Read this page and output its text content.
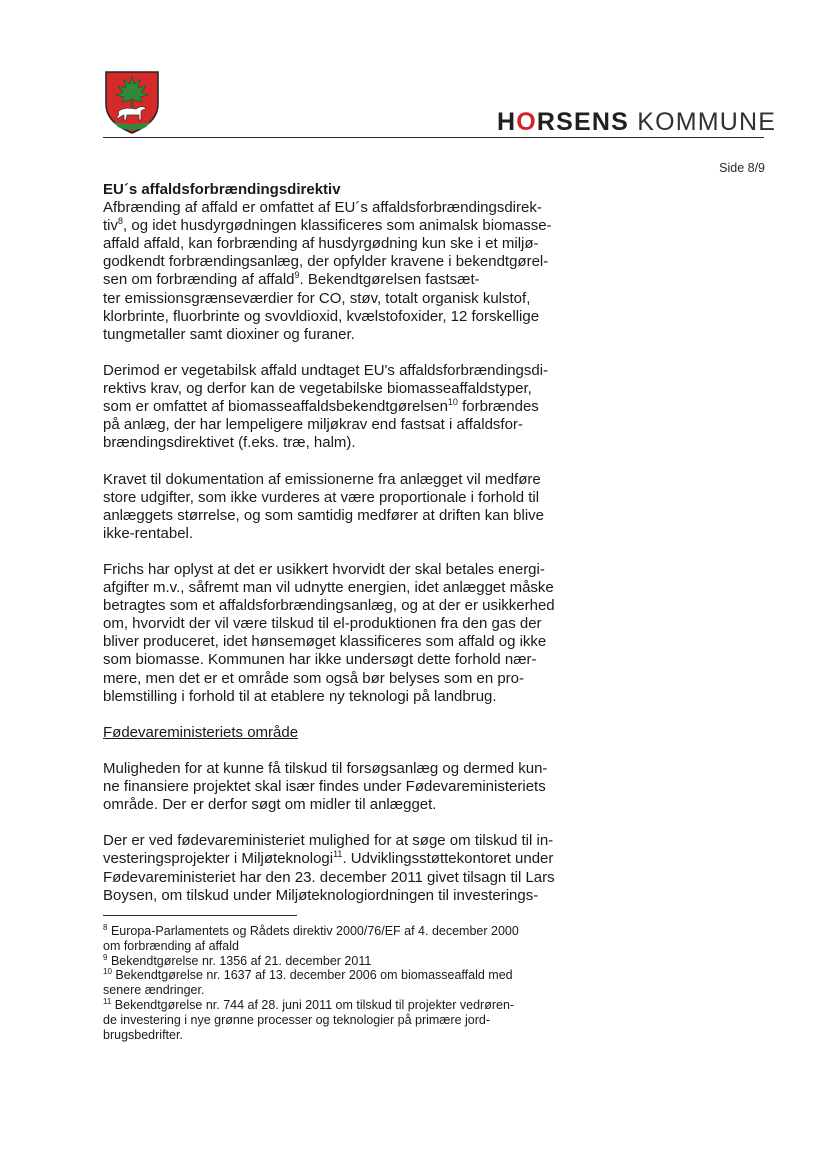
HORSENS KOMMUNE
Side 8/9
EU´s affaldsforbrændingsdirektiv
Afbrænding af affald er omfattet af EU´s affaldsforbrændingsdirek-
tiv$^8$, og idet husdyrgødningen klassificeres som animalsk biomasse-
affald affald, kan forbrænding af husdyrgødning kun ske i et miljø-
godkendt forbrændingsanlæg, der opfylder kravene i bekendtgørel-
sen om forbrænding af affald$^9$. Bekendtgørelsen fastsæt-
ter emissionsgrænseværdier for CO, støv, totalt organisk kulstof,
klorbrinte, fluorbrinte og svovldioxid, kvælstofoxider, 12 forskellige
tungmetaller samt dioxiner og furaner.
Derimod er vegetabilsk affald undtaget EU's affaldsforbrændingsdi-
rektivs krav, og derfor kan de vegetabilske biomasseaffaldstyper,
som er omfattet af biomasseaffaldsbekendtgørelsen$^{10}$ forbrændes
på anlæg, der har lempeligere miljøkrav end fastsat i affaldsfor-
brændingsdirektivet (f.eks. træ, halm).
Kravet til dokumentation af emissionerne fra anlægget vil medføre
store udgifter, som ikke vurderes at være proportionale i forhold til
anlæggets størrelse, og som samtidig medfører at driften kan blive
ikke-rentabel.
Frichs har oplyst at det er usikkert hvorvidt der skal betales energi-
afgifter m.v., såfremt man vil udnytte energien, idet anlægget måske
betragtes som et affaldsforbrændingsanlæg, og at der er usikkerhed
om, hvorvidt der vil være tilskud til el-produktionen fra den gas der
bliver produceret, idet hønsemøget klassificeres som affald og ikke
som biomasse. Kommunen har ikke undersøgt dette forhold nær-
mere, men det er et område som også bør belyses som en pro-
blemstilling i forhold til at etablere ny teknologi på landbrug.
Fødevareministeriets område
Muligheden for at kunne få tilskud til forsøgsanlæg og dermed kun-
ne finansiere projektet skal især findes under Fødevareministeriets
område. Der er derfor søgt om midler til anlægget.
Der er ved fødevareministeriet mulighed for at søge om tilskud til in-
vesteringsprojekter i Miljøteknologi$^{11}$. Udviklingsstøttekontoret under
Fødevareministeriet har den 23. december 2011 givet tilsagn til Lars
Boysen, om tilskud under Miljøteknologiordningen til investerings-
$^8$ Europa-Parlamentets og Rådets direktiv 2000/76/EF af 4. december 2000
om forbrænding af affald
$^9$ Bekendtgørelse nr. 1356 af 21. december 2011
$^{10}$ Bekendtgørelse nr. 1637 af 13. december 2006 om biomasseaffald med
senere ændringer.
$^{11}$ Bekendtgørelse nr. 744 af 28. juni 2011 om tilskud til projekter vedrøren-
de investering i nye grønne processer og teknologier på primære jord-
brugsbedrifter.
